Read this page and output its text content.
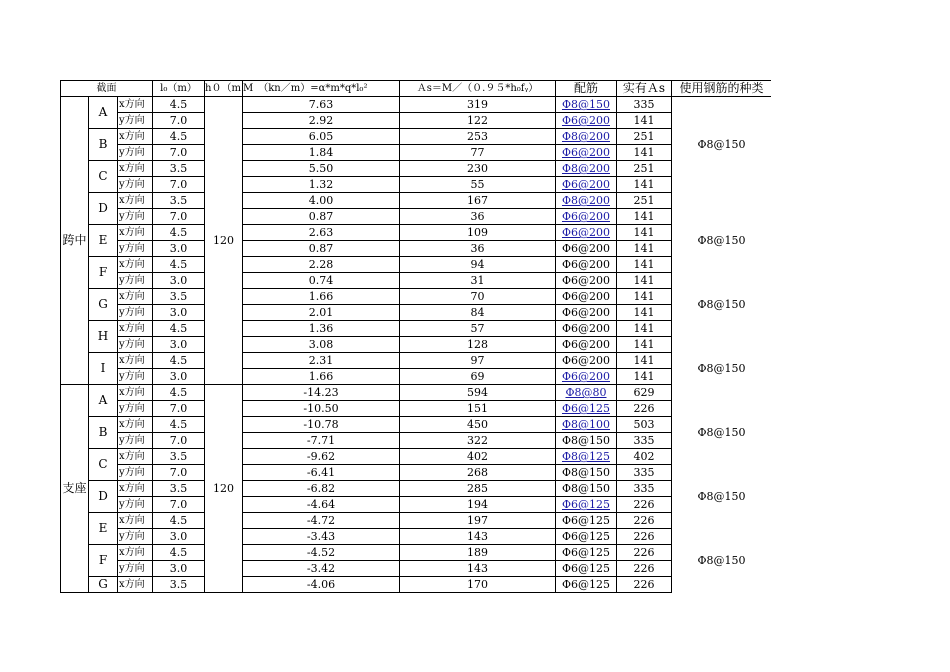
截面			l₀（m）	h０（m	M　（kn／m）=α*m*q*l₀²	Ａs＝M／（０.９５*h₀fᵧ）	配筋	实有Ａs	使用钢筋的种类
跨中	A	x方向	4.5	120	7.63	319	Φ8@150	335	Φ8@150
		y方向	7.0		2.92	122	Φ6@200	141	
	B	x方向	4.5		6.05	253	Φ8@200	251	
		y方向	7.0		1.84	77	Φ6@200	141	
	C	x方向	3.5		5.50	230	Φ8@200	251	
		y方向	7.0		1.32	55	Φ6@200	141	
	D	x方向	3.5		4.00	167	Φ8@200	251	
		y方向	7.0		0.87	36	Φ6@200	141	
	E	x方向	4.5		2.63	109	Φ6@200	141	Φ8@150
		y方向	3.0		0.87	36	Φ6@200	141	
	F	x方向	4.5		2.28	94	Φ6@200	141	
		y方向	3.0		0.74	31	Φ6@200	141	
	G	x方向	3.5		1.66	70	Φ6@200	141	Φ8@150
		y方向	3.0		2.01	84	Φ6@200	141	
	H	x方向	4.5		1.36	57	Φ6@200	141	
		y方向	3.0		3.08	128	Φ6@200	141	
	I	x方向	4.5		2.31	97	Φ6@200	141	Φ8@150
		y方向	3.0		1.66	69	Φ6@200	141	
支座	A	x方向	4.5	120	-14.23	594	Φ8@80	629	
		y方向	7.0		-10.50	151	Φ6@125	226	
	B	x方向	4.5		-10.78	450	Φ8@100	503	Φ8@150
		y方向	7.0		-7.71	322	Φ8@150	335	
	C	x方向	3.5		-9.62	402	Φ8@125	402	
		y方向	7.0		-6.41	268	Φ8@150	335	
	D	x方向	3.5		-6.82	285	Φ8@150	335	Φ8@150
		y方向	7.0		-4.64	194	Φ6@125	226	
	E	x方向	4.5		-4.72	197	Φ6@125	226	
		y方向	3.0		-3.43	143	Φ6@125	226	
	F	x方向	4.5		-4.52	189	Φ6@125	226	Φ8@150
		y方向	3.0		-3.42	143	Φ6@125	226	
	G	x方向	3.5		-4.06	170	Φ6@125	226	
